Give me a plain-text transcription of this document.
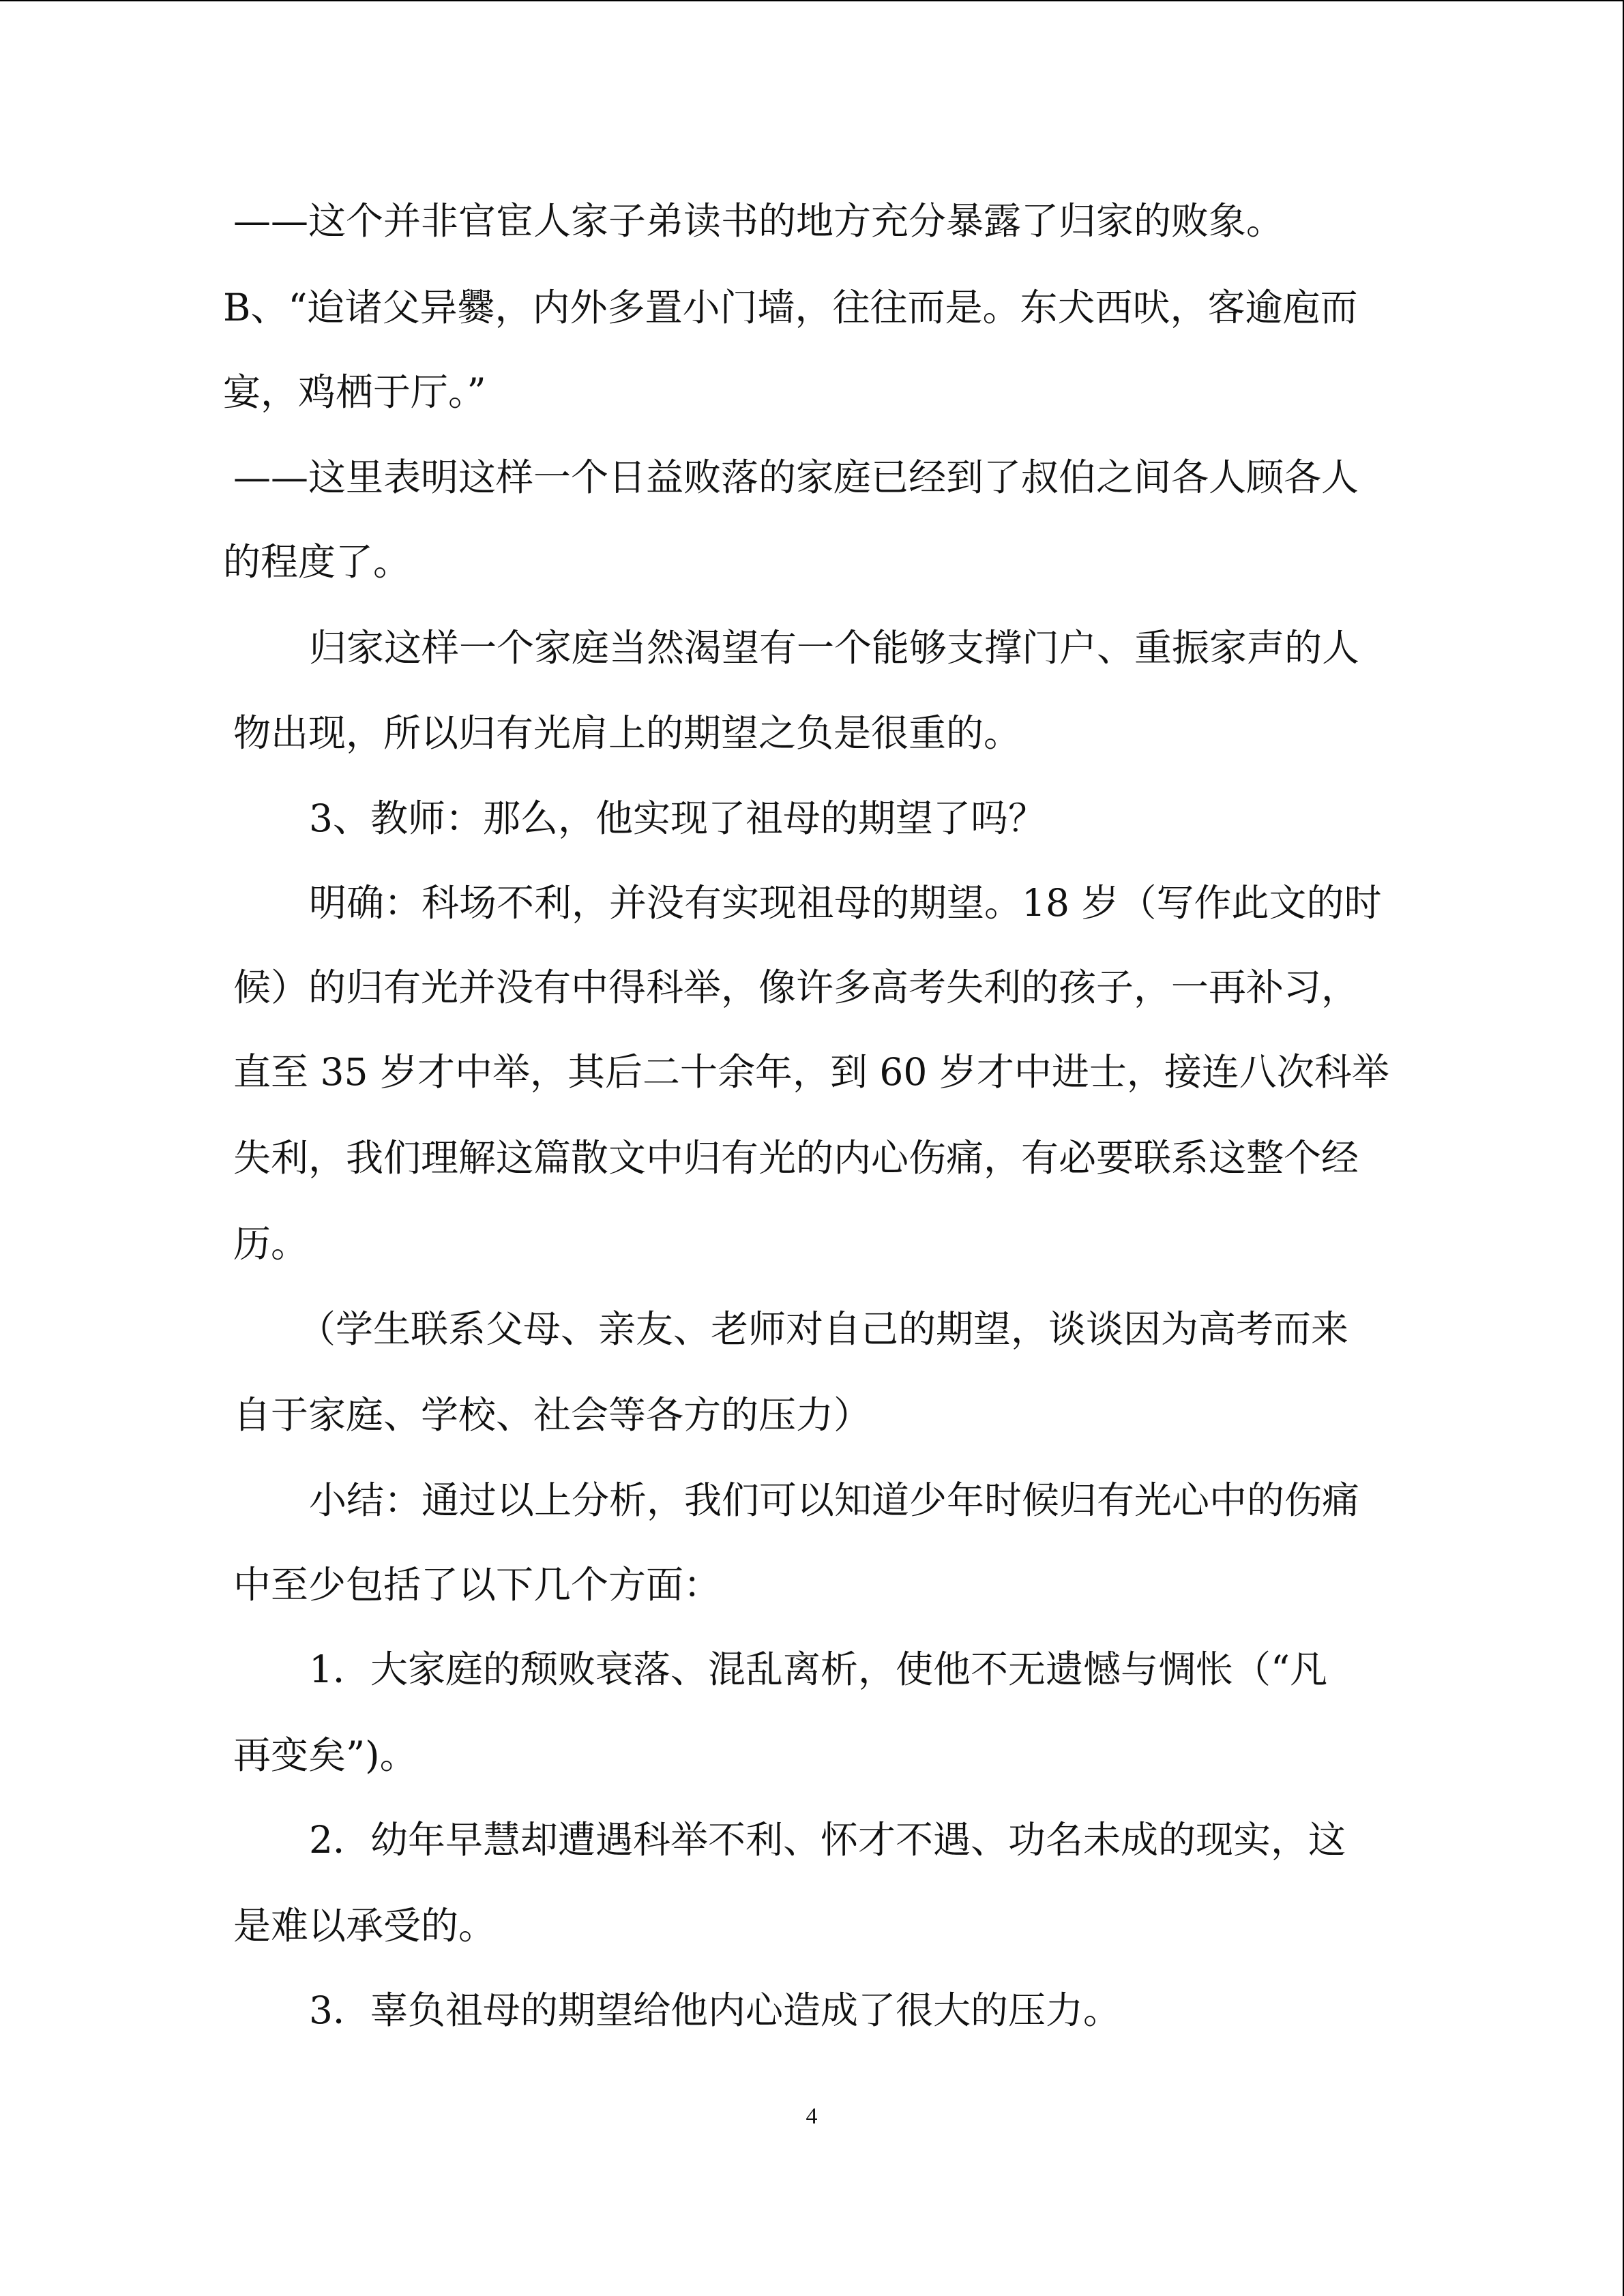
——这个并非官宦人家子弟读书的地方充分暴露了归家的败象。
B、“迨诸父异爨，内外多置小门墙，往往而是。东犬西吠，客逾庖而
宴，鸡栖于厅。”
——这里表明这样一个日益败落的家庭已经到了叔伯之间各人顾各人
的程度了。
归家这样一个家庭当然渴望有一个能够支撑门户、重振家声的人
物出现，所以归有光肩上的期望之负是很重的。
3、教师：那么，他实现了祖母的期望了吗？
明确：科场不利，并没有实现祖母的期望。18 岁（写作此文的时
候）的归有光并没有中得科举，像许多高考失利的孩子，一再补习，
直至 35 岁才中举，其后二十余年，到 60 岁才中进士，接连八次科举
失利，我们理解这篇散文中归有光的内心伤痛，有必要联系这整个经
历。
（学生联系父母、亲友、老师对自己的期望，谈谈因为高考而来
自于家庭、学校、社会等各方的压力）
小结：通过以上分析，我们可以知道少年时候归有光心中的伤痛
中至少包括了以下几个方面：
1．大家庭的颓败衰落、混乱离析，使他不无遗憾与惆怅（“凡
再变矣”)。
2．幼年早慧却遭遇科举不利、怀才不遇、功名未成的现实，这
是难以承受的。
3．辜负祖母的期望给他内心造成了很大的压力。
4
